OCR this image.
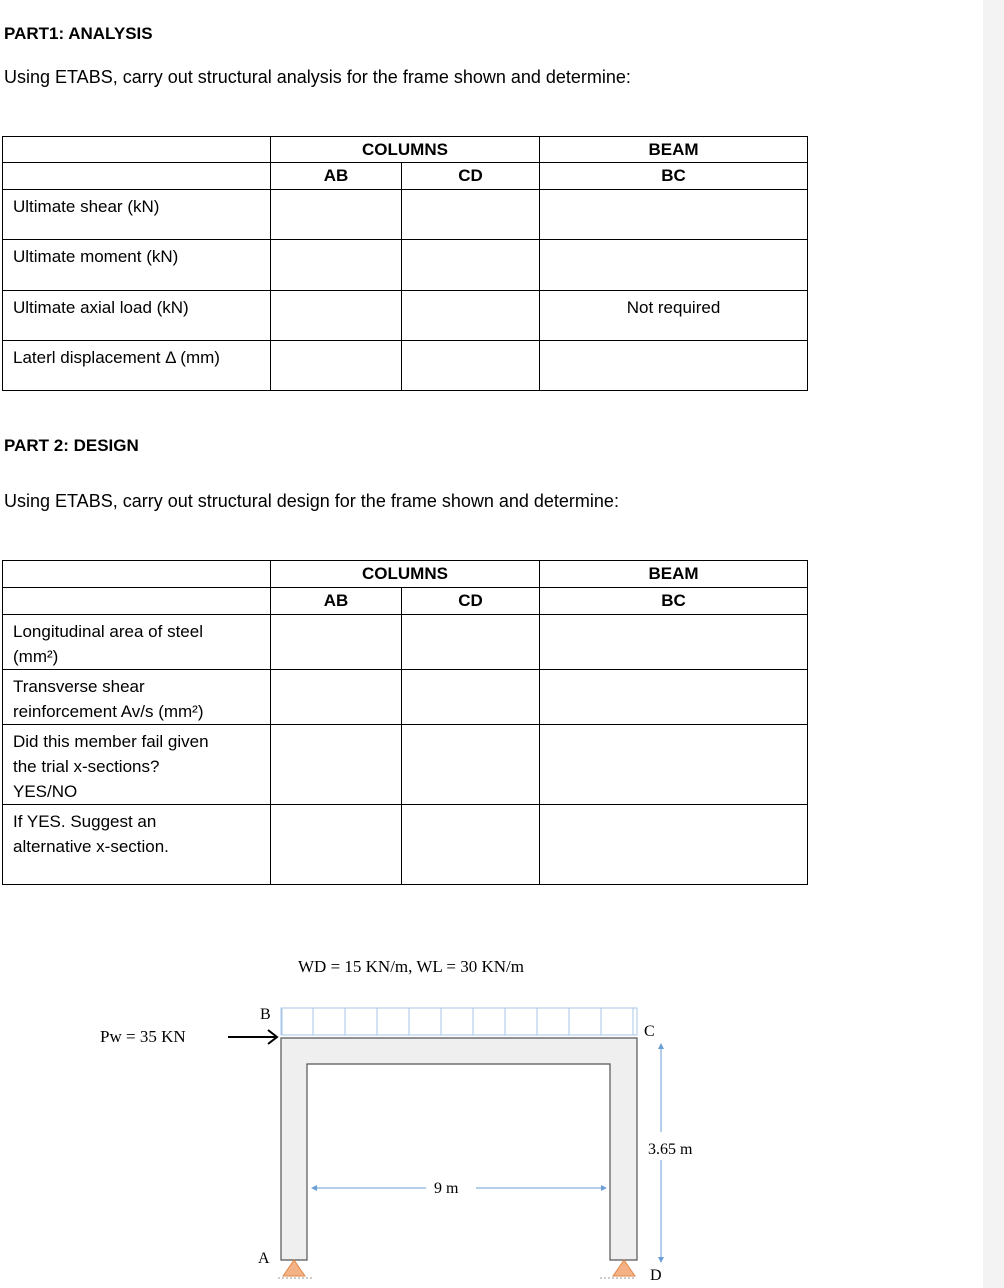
PART1: ANALYSIS
Using ETABS, carry out structural analysis for the frame shown and determine:
	COLUMNS		BEAM
	AB	CD	BC
Ultimate shear (kN)			
Ultimate moment (kN)			
Ultimate axial load (kN)			Not required
Laterl displacement Δ (mm)			
PART 2: DESIGN
Using ETABS, carry out structural design for the frame shown and determine:
	COLUMNS		BEAM
	AB	CD	BC

Longitudinal area of steel
(mm²)			

Transverse shear
reinforcement Av/s (mm²)			

Did this member fail given
the trial x-sections?
YES/NO			

If YES. Suggest an
alternative x-section.			

WD = 15 KN/m, WL = 30 KN/m
Pw = 35 KN
B
C
A
D
9 m
3.65 m
